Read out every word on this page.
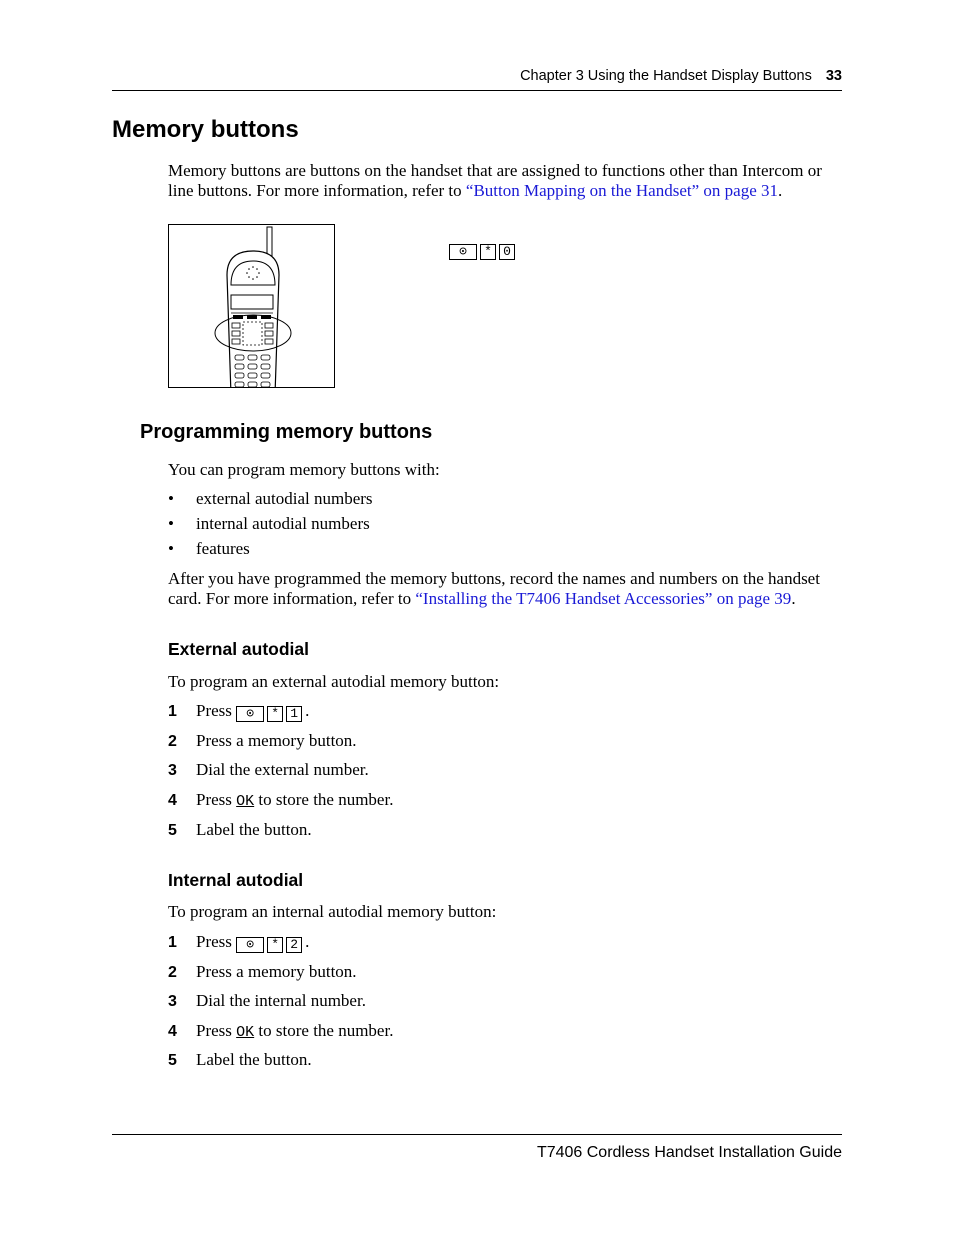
Chapter 3 Using the Handset Display Buttons 33
Memory buttons
Memory buttons are buttons on the handset that are assigned to functions other than Intercom or line buttons. For more information, refer to “Button Mapping on the Handset” on page 31.
⊙ * 0
Programming memory buttons
You can program memory buttons with:
• external autodial numbers
• internal autodial numbers
• features
After you have programmed the memory buttons, record the names and numbers on the handset card. For more information, refer to “Installing the T7406 Handset Accessories” on page 39.
External autodial
To program an external autodial memory button:
1 Press ⊙ * 1 .
2 Press a memory button.
3 Dial the external number.
4 Press OK to store the number.
5 Label the button.
Internal autodial
To program an internal autodial memory button:
1 Press ⊙ * 2 .
2 Press a memory button.
3 Dial the internal number.
4 Press OK to store the number.
5 Label the button.
T7406 Cordless Handset Installation Guide
